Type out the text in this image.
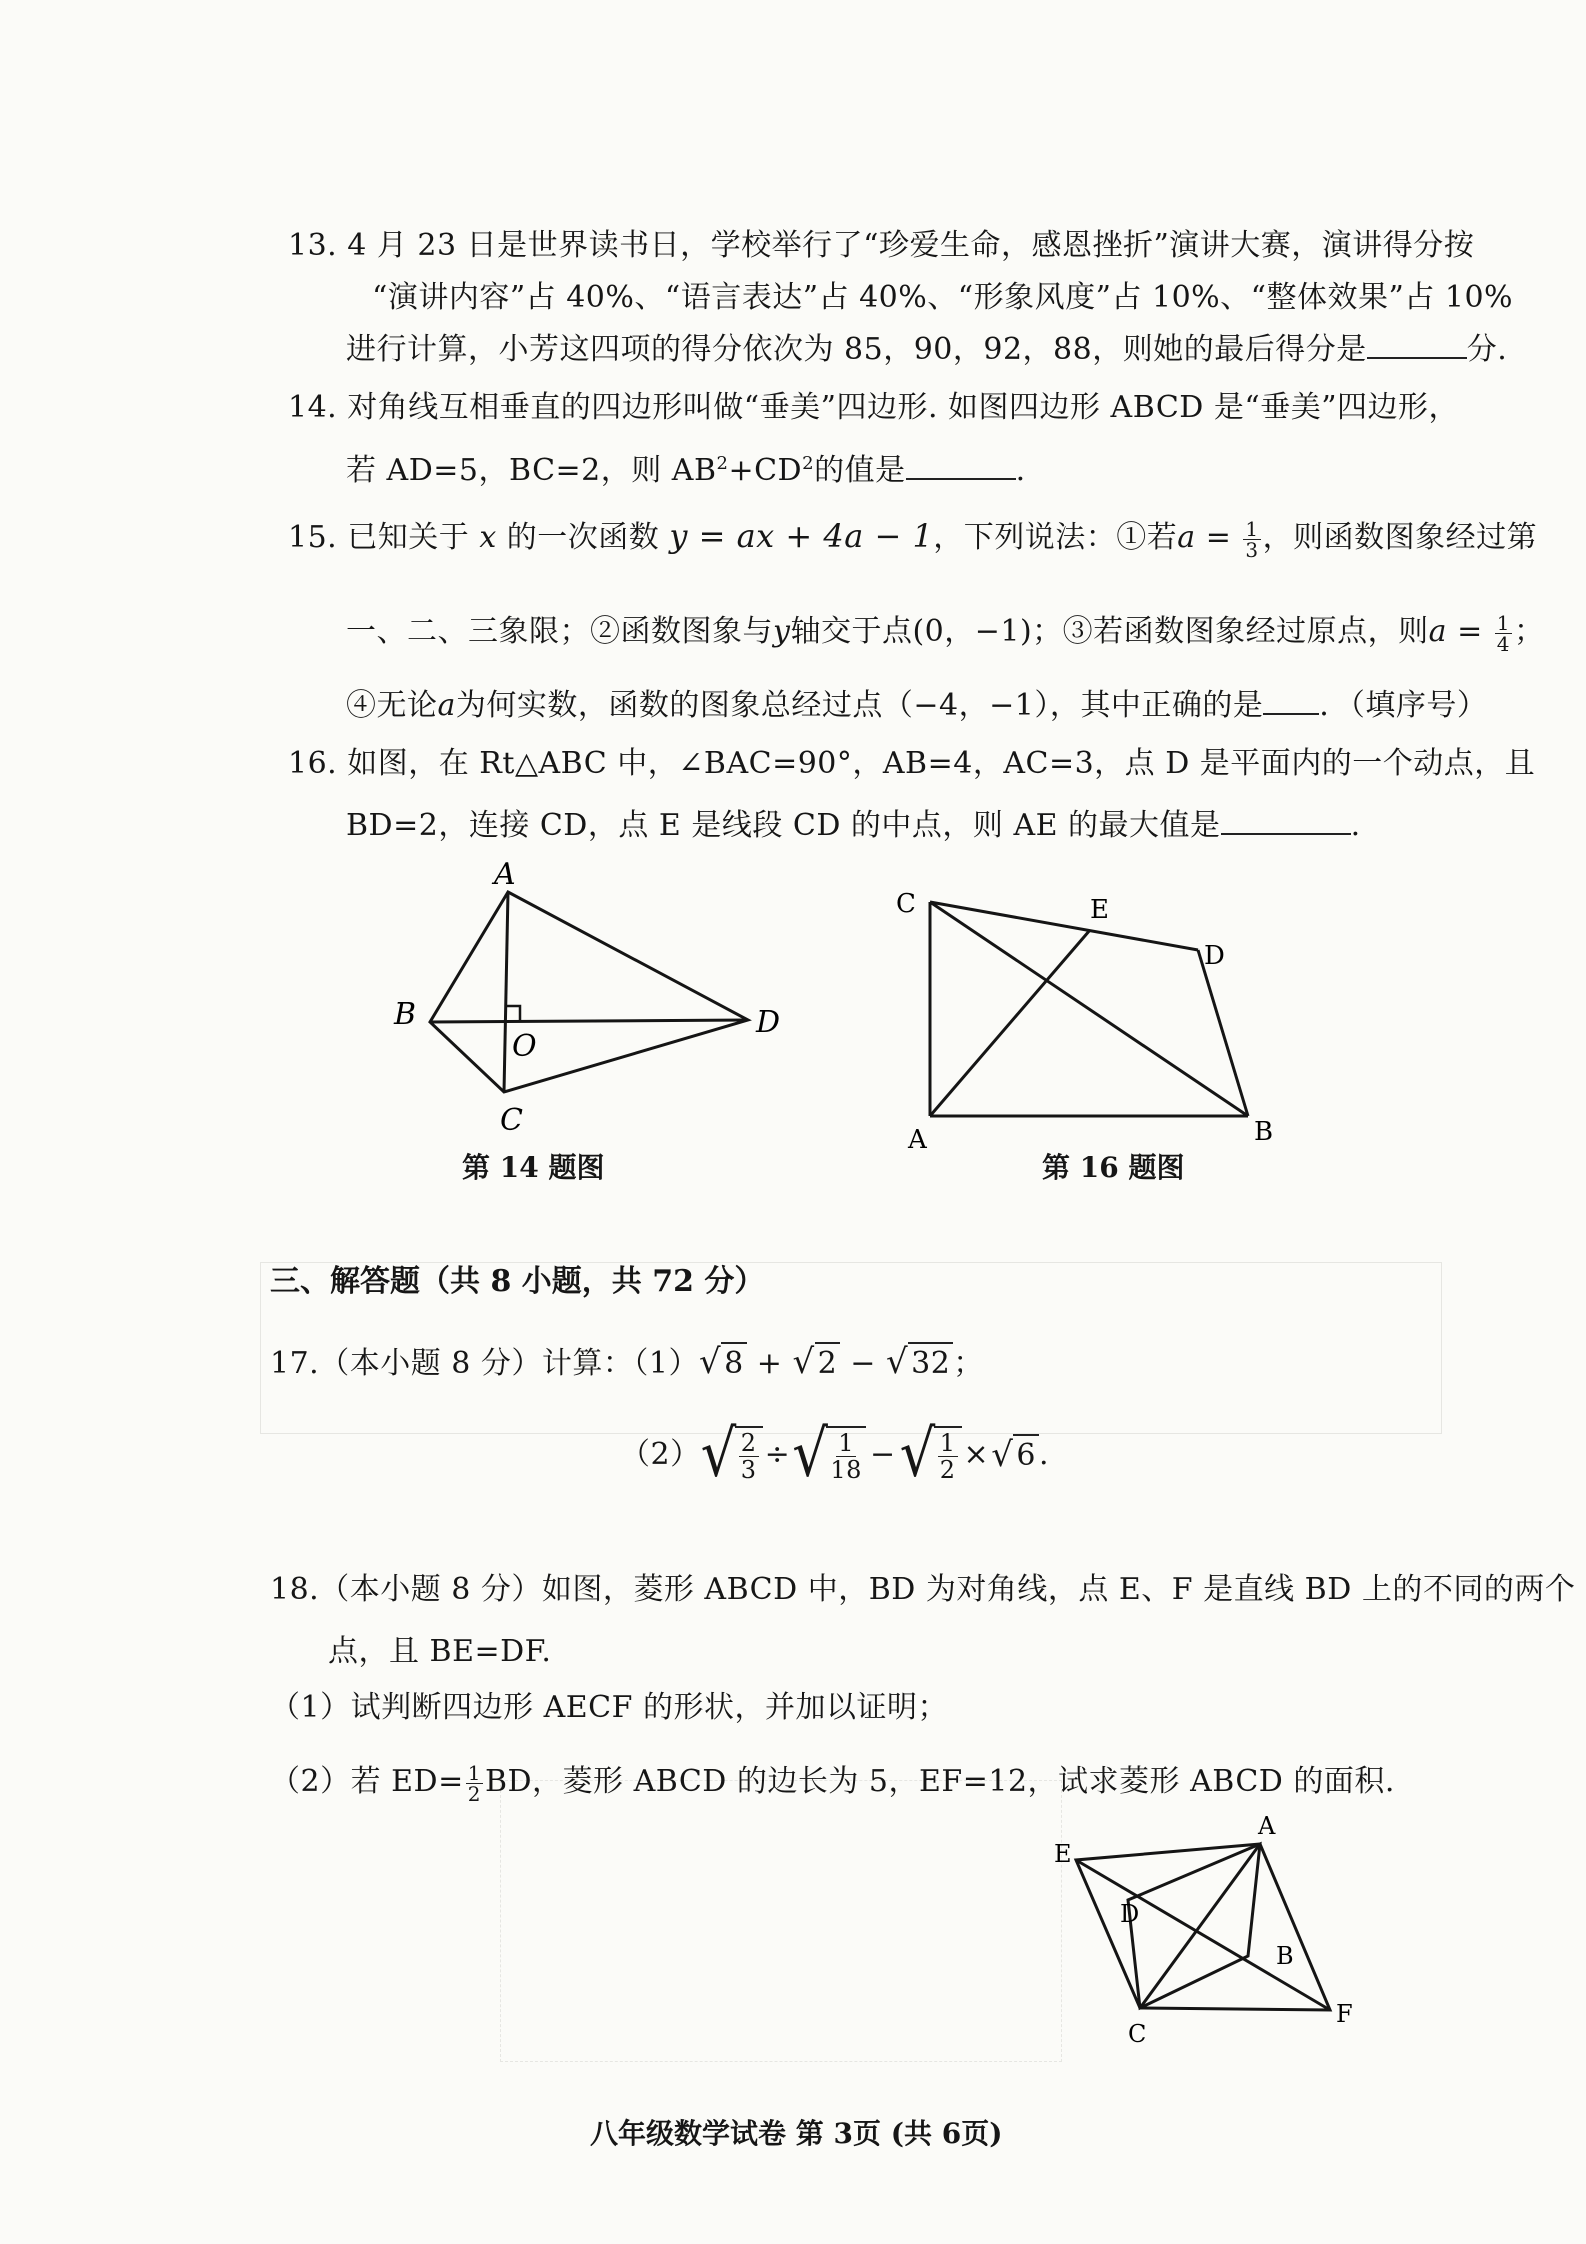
13. 4 月 23 日是世界读书日，学校举行了“珍爱生命，感恩挫折”演讲大赛，演讲得分按
“演讲内容”占 40%、“语言表达”占 40%、“形象风度”占 10%、“整体效果”占 10%
进行计算，小芳这四项的得分依次为 85，90，92，88，则她的最后得分是	分.
14. 对角线互相垂直的四边形叫做“垂美”四边形. 如图四边形 ABCD 是“垂美”四边形，
若 AD=5，BC=2，则 $AB^2+CD^2$的值是	.
15. 已知关于 x 的一次函数 y = ax + 4a − 1，下列说法：①若$a = \frac{1}{3}$ ，则函数图象经过第
一、二、三象限；②函数图象与y轴交于点(0，−1)；③若函数图象经过原点，则$a = \frac{1}{4}$ ；
④无论a为何实数，函数的图象总经过点（−4，−1），其中正确的是 ．（填序号）
16. 如图，在 Rt△ABC 中，∠BAC=90°，AB=4，AC=3，点 D 是平面内的一个动点，且
BD=2，连接 CD，点 E 是线段 CD 的中点，则 AE 的最大值是	.
A
B
C
D
O
第 14 题图
C	E
D
A	B
第 16 题图
三、解答题（共 8 小题，共 72 分）
17.（本小题 8 分）计算：（1）√ 8 + √ 2 − √ 32 ；
（2） √ 2
3 ÷ √ 1
18 − √ 1
2 × √ 6 .
18.（本小题 8 分）如图，菱形 ABCD 中，BD 为对角线，点 E、F 是直线 BD 上的不同的两个
点，且 BE=DF.
（1）试判断四边形 AECF 的形状，并加以证明；
（2）若 $ED= \frac{1}{2}$ BD，菱形 ABCD 的边长为 5，EF=12，试求菱形 ABCD 的面积.
A
E
D
B
C
F
八年级数学试卷 第 3页 (共 6页)
